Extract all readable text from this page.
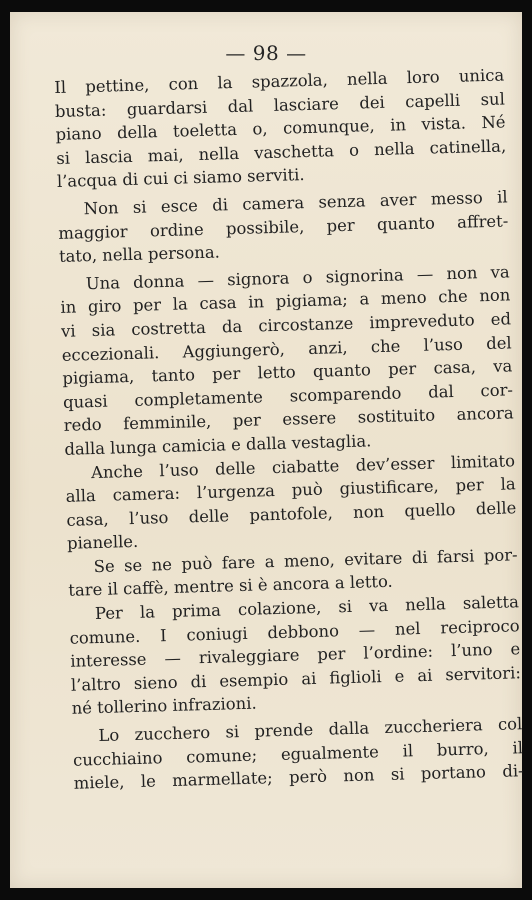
— 98 —
Il pettine, con la spazzola, nella loro unica
busta: guardarsi dal lasciare dei capelli sul
piano della toeletta o, comunque, in vista. Né
si lascia mai, nella vaschetta o nella catinella,
l’acqua di cui ci siamo serviti.
Non si esce di camera senza aver messo il
maggior ordine possibile, per quanto affret-
tato, nella persona.
Una donna — signora o signorina — non va
in giro per la casa in pigiama; a meno che non
vi sia costretta da circostanze impreveduto ed
eccezionali. Aggiungerò, anzi, che l’uso del
pigiama, tanto per letto quanto per casa, va
quasi completamente scomparendo dal cor-
redo femminile, per essere sostituito ancora
dalla lunga camicia e dalla vestaglia.
Anche l’uso delle ciabatte dev’esser limitato
alla camera: l’urgenza può giustificare, per la
casa, l’uso delle pantofole, non quello delle
pianelle.
Se se ne può fare a meno, evitare di farsi por-
tare il caffè, mentre si è ancora a letto.
Per la prima colazione, si va nella saletta
comune. I coniugi debbono — nel reciproco
interesse — rivaleggiare per l’ordine: l’uno e
l’altro sieno di esempio ai figlioli e ai servitori:
né tollerino infrazioni.
Lo zucchero si prende dalla zuccheriera col
cucchiaino comune; egualmente il burro, il
miele, le marmellate; però non si portano di-
